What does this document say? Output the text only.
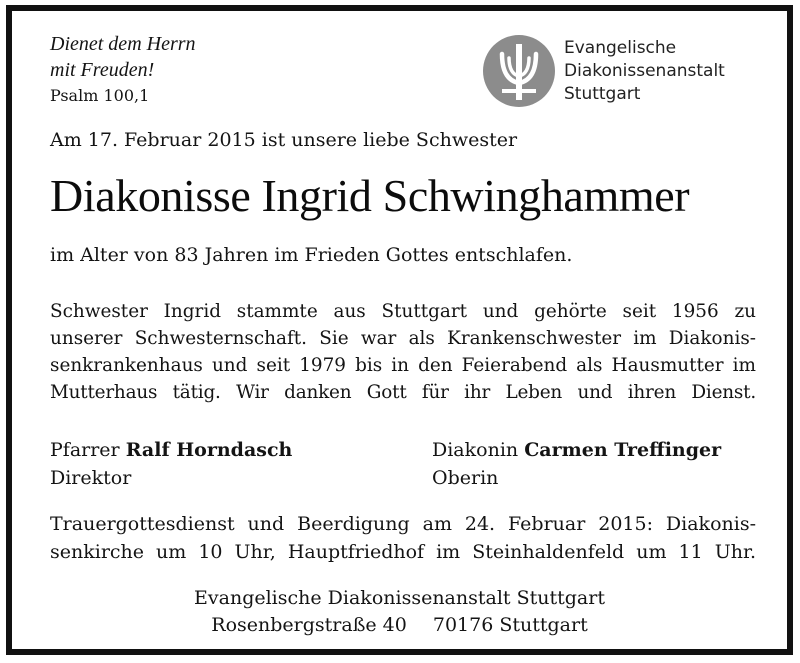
Dienet dem Herrn
mit Freuden!
Psalm 100,1
Evangelische
Diakonissenanstalt
Stuttgart
Am 17. Februar 2015 ist unsere liebe Schwester
Diakonisse Ingrid Schwinghammer
im Alter von 83 Jahren im Frieden Gottes entschlafen.
Schwester Ingrid stammte aus Stuttgart und gehörte seit 1956 zu
unserer Schwesternschaft. Sie war als Krankenschwester im Diakonis-
senkrankenhaus und seit 1979 bis in den Feierabend als Hausmutter im
Mutterhaus tätig. Wir danken Gott für ihr Leben und ihren Dienst.
Pfarrer Ralf Horndasch
Direktor
Diakonin Carmen Treffinger
Oberin
Trauergottesdienst und Beerdigung am 24. Februar 2015: Diakonis-
senkirche um 10 Uhr, Hauptfriedhof im Steinhaldenfeld um 11 Uhr.
Evangelische Diakonissenanstalt Stuttgart
Rosenbergstraße 40 70176 Stuttgart
